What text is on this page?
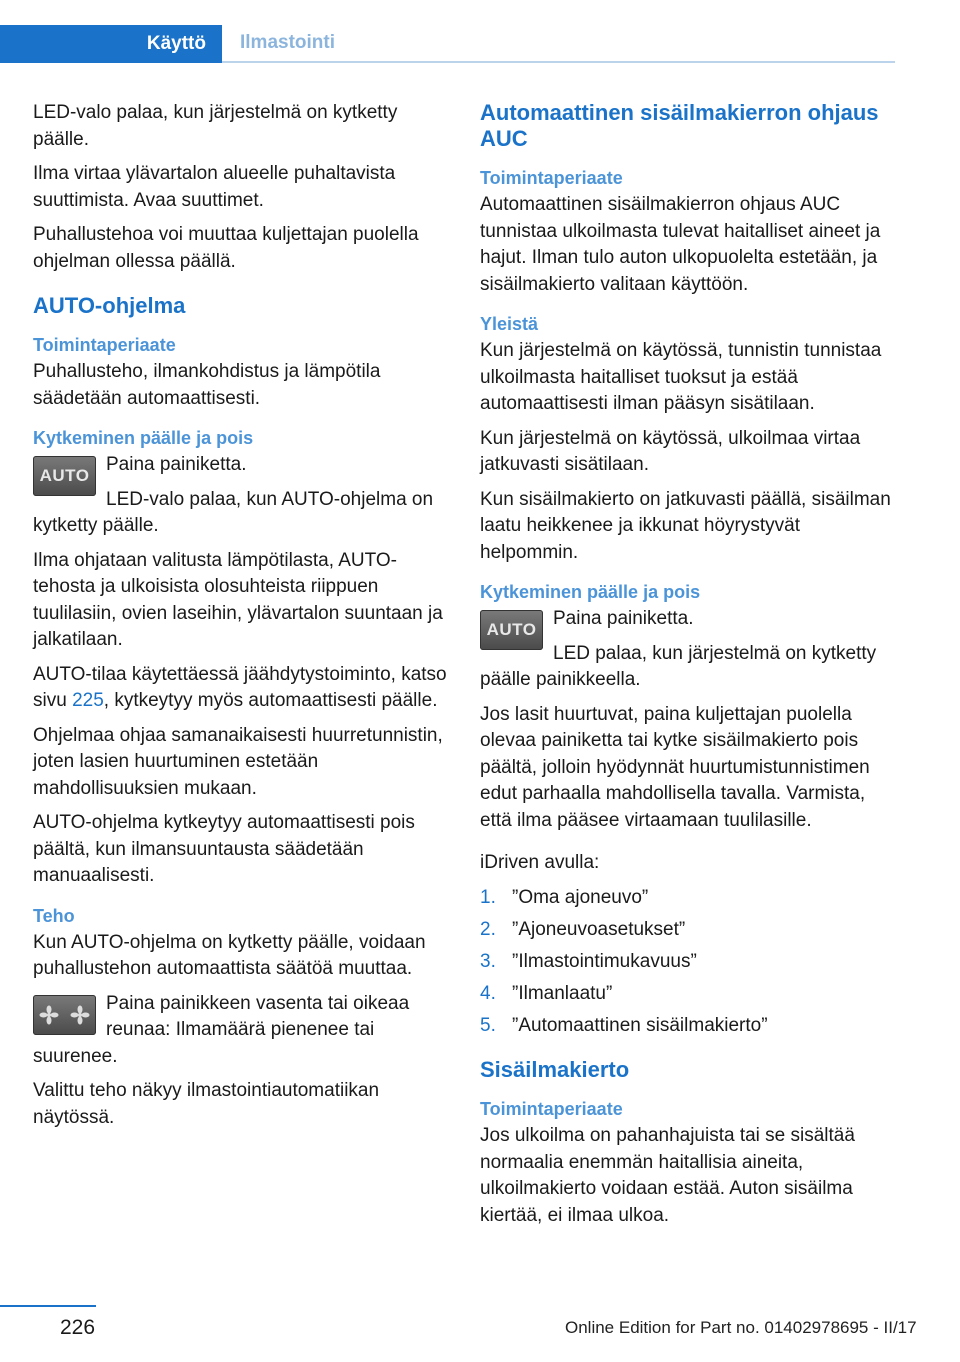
Käyttö	Ilmastointi

LED-valo palaa, kun järjestelmä on kytketty päälle.

Ilma virtaa ylävartalon alueelle puhaltavista suuttimista. Avaa suuttimet.

Puhallustehoa voi muuttaa kuljettajan puolella ohjelman ollessa päällä.

AUTO-ohjelma
Toimintaperiaate

Puhallusteho, ilmankohdistus ja lämpötila säädetään automaattisesti.

Kytkeminen päälle ja pois
AUTO

Paina painiketta.

LED-valo palaa, kun AUTO-ohjelma on kytketty päälle.

Ilma ohjataan valitusta lämpötilasta, AUTO-tehosta ja ulkoisista olosuhteista riippuen tuulilasiin, ovien laseihin, ylävartalon suuntaan ja jalkatilaan.

AUTO-tilaa käytettäessä jäähdytystoiminto, katso sivu 225, kytkeytyy myös automaattisesti päälle.

Ohjelmaa ohjaa samanaikaisesti huurretunnistin, joten lasien huurtuminen estetään mahdollisuuksien mukaan.

AUTO-ohjelma kytkeytyy automaattisesti pois päältä, kun ilmansuuntausta säädetään manuaalisesti.

Teho

Kun AUTO-ohjelma on kytketty päälle, voidaan puhallustehon automaattista säätöä muuttaa.

Paina painikkeen vasenta tai oikeaa reunaa: Ilmamäärä pienenee tai suurenee.

Valittu teho näkyy ilmastointiautomatiikan näytössä.

Automaattinen sisäilmakierron ohjaus AUC
Toimintaperiaate

Automaattinen sisäilmakierron ohjaus AUC tunnistaa ulkoilmasta tulevat haitalliset aineet ja hajut. Ilman tulo auton ulkopuolelta estetään, ja sisäilmakierto valitaan käyttöön.

Yleistä

Kun järjestelmä on käytössä, tunnistin tunnistaa ulkoilmasta haitalliset tuoksut ja estää automaattisesti ilman pääsyn sisätilaan.

Kun järjestelmä on käytössä, ulkoilmaa virtaa jatkuvasti sisätilaan.

Kun sisäilmakierto on jatkuvasti päällä, sisäilman laatu heikkenee ja ikkunat höyrystyvät helpommin.

Kytkeminen päälle ja pois
AUTO

Paina painiketta.

LED palaa, kun järjestelmä on kytketty päälle painikkeella.

Jos lasit huurtuvat, paina kuljettajan puolella olevaa painiketta tai kytke sisäilmakierto pois päältä, jolloin hyödynnät huurtumistunnistimen edut parhaalla mahdollisella tavalla. Varmista, että ilma pääsee virtaamaan tuulilasille.

iDriven avulla:

1. ”Oma ajoneuvo”
2. ”Ajoneuvoasetukset”
3. ”Ilmastointimukavuus”
4. ”Ilmanlaatu”
5. ”Automaattinen sisäilmakierto”
Sisäilmakierto
Toimintaperiaate

Jos ulkoilma on pahanhajuista tai se sisältää normaalia enemmän haitallisia aineita, ulkoilmakierto voidaan estää. Auton sisäilma kiertää, ei ilmaa ulkoa.

226	Online Edition for Part no. 01402978695 - II/17
